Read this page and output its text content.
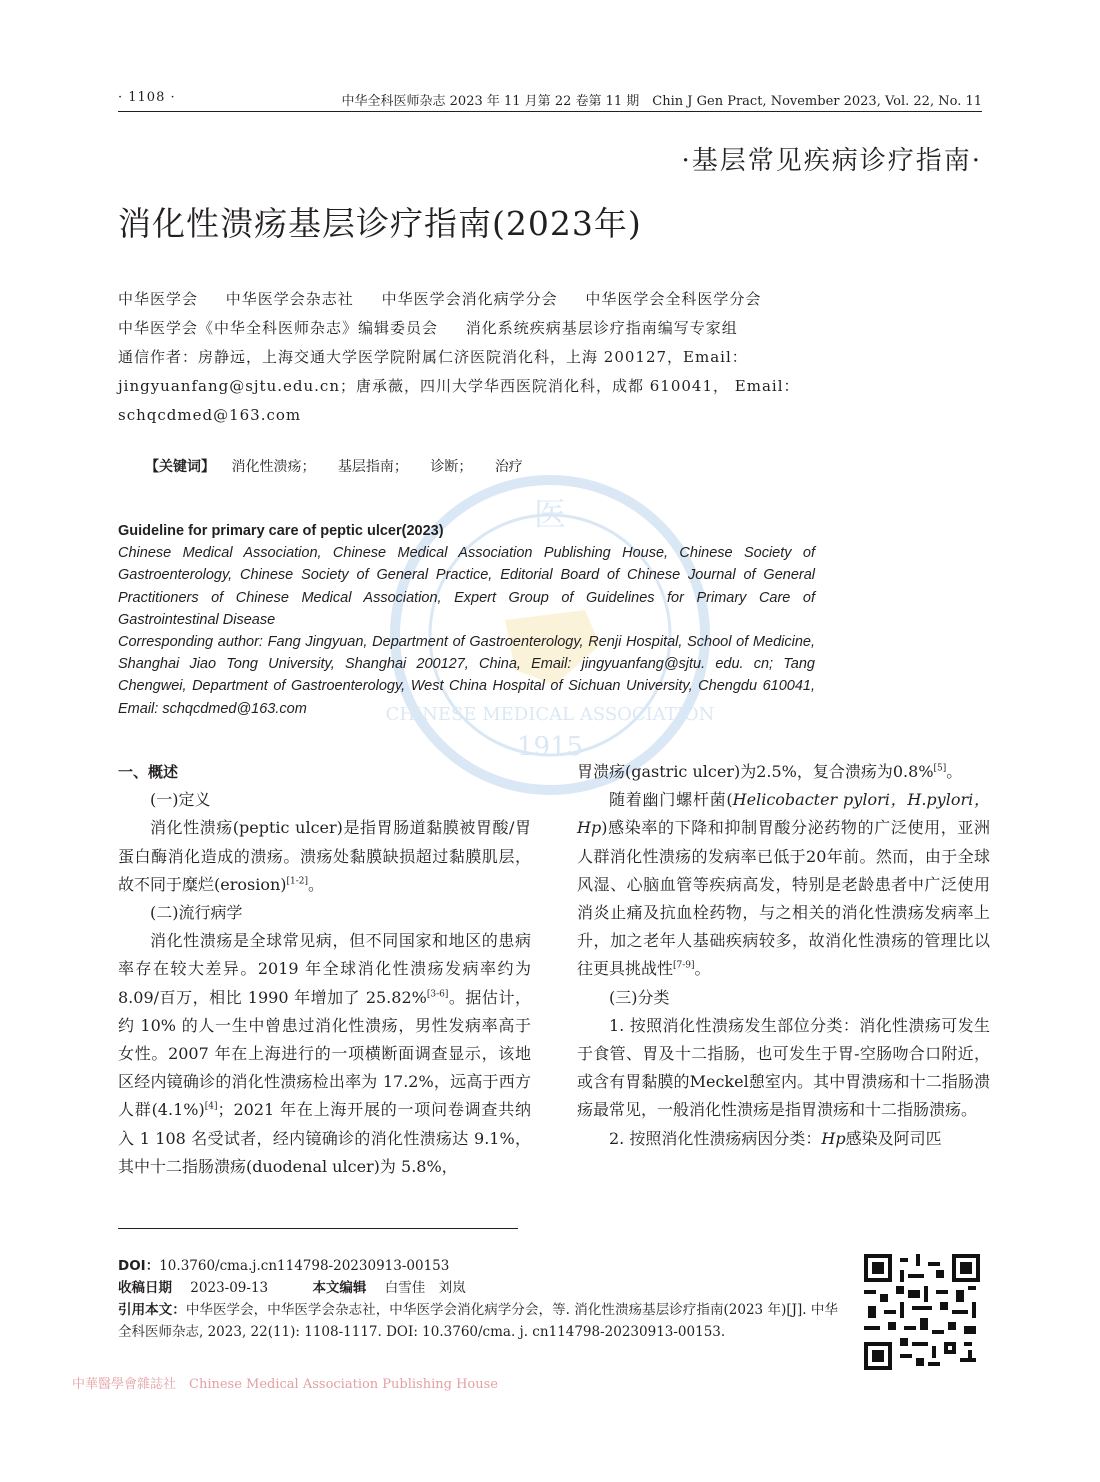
医
1915
CHINESE MEDICAL ASSOCIATION
· 1108 ·	中华全科医师杂志 2023 年 11 月第 22 卷第 11 期　Chin J Gen Pract, November 2023, Vol. 22, No. 11
·基层常见疾病诊疗指南·
消化性溃疡基层诊疗指南(2023年)
中华医学会 中华医学会杂志社 中华医学会消化病学分会 中华医学会全科医学分会
中华医学会《中华全科医师杂志》编辑委员会 消化系统疾病基层诊疗指南编写专家组
通信作者：房静远，上海交通大学医学院附属仁济医院消化科，上海 200127，Email：
jingyuanfang@sjtu.edu.cn；唐承薇，四川大学华西医院消化科，成都 610041， Email：
schqcdmed@163.com
【关键词】 消化性溃疡； 基层指南； 诊断； 治疗
Guideline for primary care of peptic ulcer(2023)
Chinese Medical Association, Chinese Medical Association Publishing House, Chinese Society of Gastroenterology, Chinese Society of General Practice, Editorial Board of Chinese Journal of General Practitioners of Chinese Medical Association, Expert Group of Guidelines for Primary Care of Gastrointestinal Disease
Corresponding author: Fang Jingyuan, Department of Gastroenterology, Renji Hospital, School of Medicine, Shanghai Jiao Tong University, Shanghai 200127, China, Email: jingyuanfang@sjtu. edu. cn; Tang Chengwei, Department of Gastroenterology, West China Hospital of Sichuan University, Chengdu 610041, Email: schqcdmed@163.com

一、概述

(一)定义

消化性溃疡(peptic ulcer)是指胃肠道黏膜被胃酸/胃蛋白酶消化造成的溃疡。溃疡处黏膜缺损超过黏膜肌层，故不同于糜烂(erosion)[1-2]。

(二)流行病学

消化性溃疡是全球常见病，但不同国家和地区的患病率存在较大差异。2019 年全球消化性溃疡发病率约为 8.09/百万，相比 1990 年增加了 25.82%[3-6]。据估计，约 10% 的人一生中曾患过消化性溃疡，男性发病率高于女性。2007 年在上海进行的一项横断面调查显示，该地区经内镜确诊的消化性溃疡检出率为 17.2%，远高于西方人群(4.1%)[4]；2021 年在上海开展的一项问卷调查共纳入 1 108 名受试者，经内镜确诊的消化性溃疡达 9.1%，其中十二指肠溃疡(duodenal ulcer)为 5.8%，

胃溃疡(gastric ulcer)为2.5%，复合溃疡为0.8%[5]。

随着幽门螺杆菌(Helicobacter pylori，H.pylori，Hp)感染率的下降和抑制胃酸分泌药物的广泛使用，亚洲人群消化性溃疡的发病率已低于20年前。然而，由于全球风湿、心脑血管等疾病高发，特别是老龄患者中广泛使用消炎止痛及抗血栓药物，与之相关的消化性溃疡发病率上升，加之老年人基础疾病较多，故消化性溃疡的管理比以往更具挑战性[7-9]。

(三)分类

1. 按照消化性溃疡发生部位分类：消化性溃疡可发生于食管、胃及十二指肠，也可发生于胃-空肠吻合口附近，或含有胃黏膜的Meckel憩室内。其中胃溃疡和十二指肠溃疡最常见，一般消化性溃疡是指胃溃疡和十二指肠溃疡。

2. 按照消化性溃疡病因分类：Hp感染及阿司匹

DOI：10.3760/cma.j.cn114798-20230913-00153
收稿日期 2023-09-13	本文编辑 白雪佳　刘岚
引用本文：中华医学会，中华医学会杂志社，中华医学会消化病学分会，等. 消化性溃疡基层诊疗指南(2023 年)[J]. 中华全科医师杂志, 2023, 22(11): 1108-1117. DOI: 10.3760/cma. j. cn114798-20230913-00153.
中華醫學會雜誌社　Chinese Medical Association Publishing House
